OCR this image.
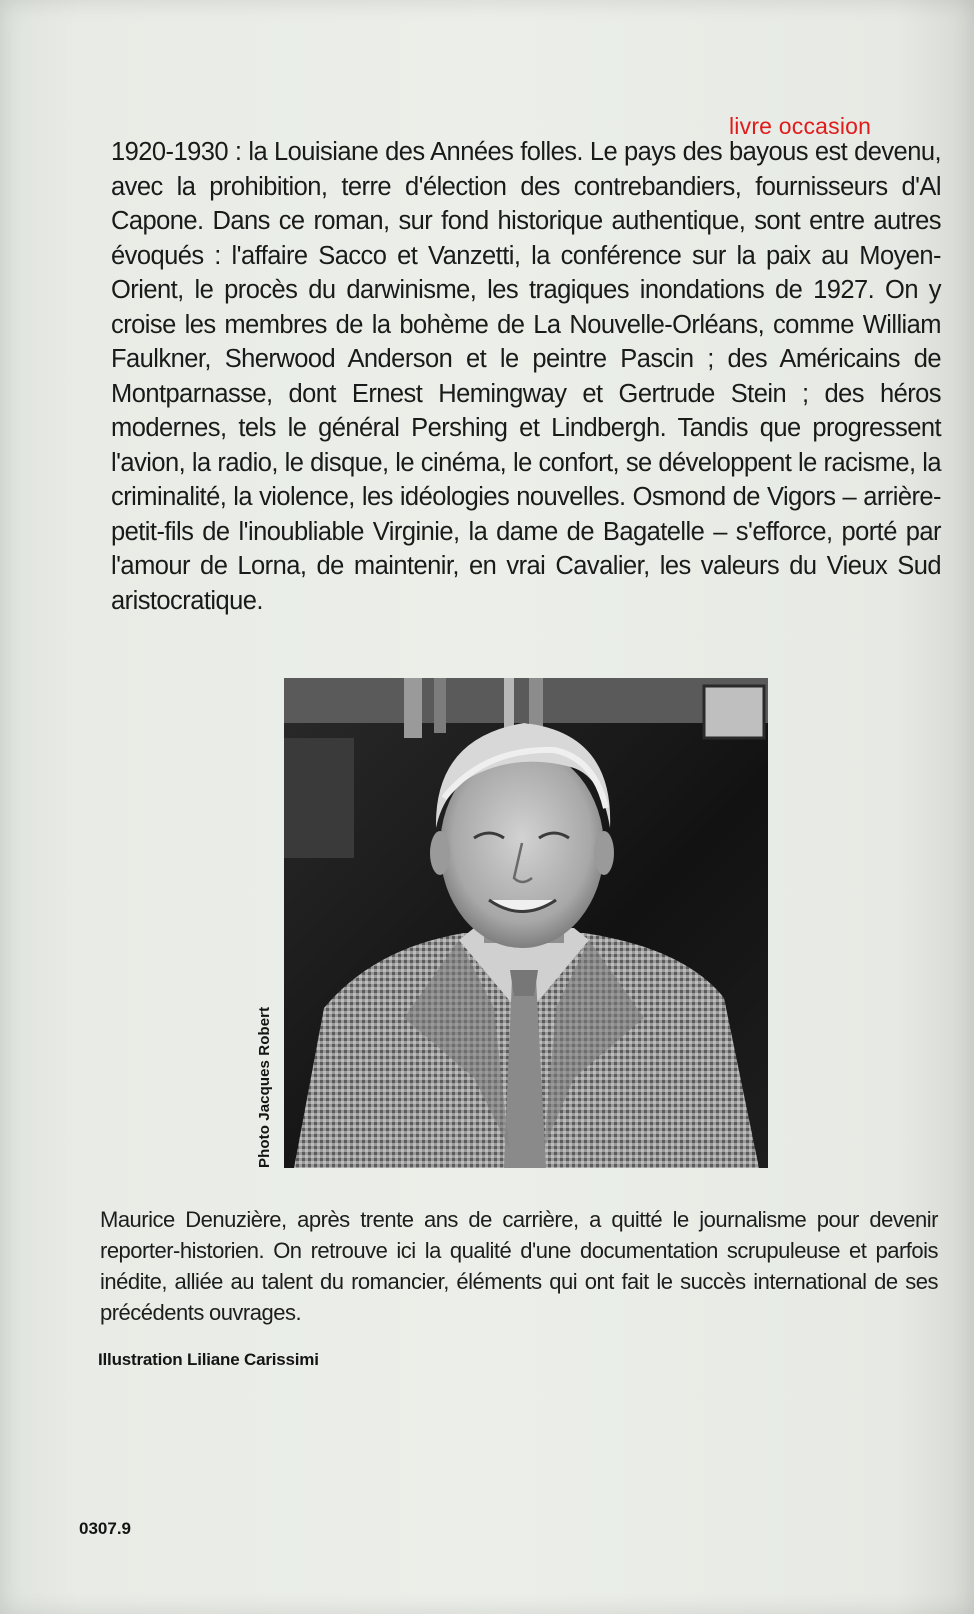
livre occasion

1920-1930 : la Louisiane des Années folles. Le pays des bayous est devenu, avec la prohibition, terre d'élection des contrebandiers, fournisseurs d'Al Capone. Dans ce roman, sur fond historique authentique, sont entre autres évoqués : l'affaire Sacco et Vanzetti, la conférence sur la paix au Moyen-Orient, le procès du darwinisme, les tragiques inondations de 1927. On y croise les membres de la bohème de La Nouvelle-Orléans, comme William Faulkner, Sherwood Anderson et le peintre Pascin ; des Américains de Montparnasse, dont Ernest Hemingway et Gertrude Stein ; des héros modernes, tels le général Pershing et Lindbergh. Tandis que progressent l'avion, la radio, le disque, le cinéma, le confort, se développent le racisme, la criminalité, la violence, les idéologies nouvelles. Osmond de Vigors – arrière-petit-fils de l'inoubliable Virginie, la dame de Bagatelle – s'efforce, porté par l'amour de Lorna, de maintenir, en vrai Cavalier, les valeurs du Vieux Sud aristocratique.

Photo Jacques Robert

Maurice Denuzière, après trente ans de carrière, a quitté le journalisme pour devenir reporter-historien. On retrouve ici la qualité d'une documentation scrupuleuse et parfois inédite, alliée au talent du romancier, éléments qui ont fait le succès international de ses précédents ouvrages.

Illustration Liliane Carissimi
0307.9
